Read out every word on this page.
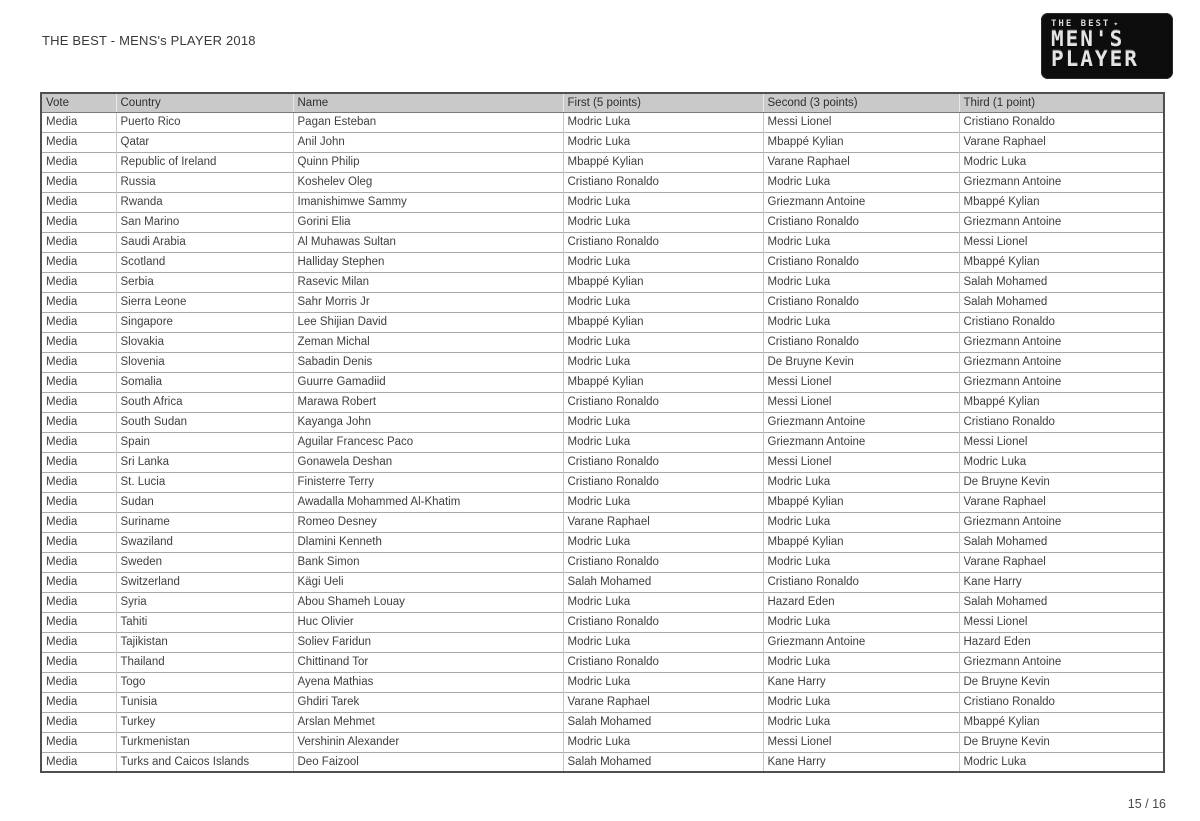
THE BEST - MENS's PLAYER 2018
THE BEST ✦
MEN'S
PLAYER
Vote	Country	Name	First (5 points)	Second (3 points)	Third (1 point)
Media	Puerto Rico	Pagan Esteban	Modric Luka	Messi Lionel	Cristiano Ronaldo
Media	Qatar	Anil John	Modric Luka	Mbappé Kylian	Varane Raphael
Media	Republic of Ireland	Quinn Philip	Mbappé Kylian	Varane Raphael	Modric Luka
Media	Russia	Koshelev Oleg	Cristiano Ronaldo	Modric Luka	Griezmann Antoine
Media	Rwanda	Imanishimwe Sammy	Modric Luka	Griezmann Antoine	Mbappé Kylian
Media	San Marino	Gorini Elia	Modric Luka	Cristiano Ronaldo	Griezmann Antoine
Media	Saudi Arabia	Al Muhawas Sultan	Cristiano Ronaldo	Modric Luka	Messi Lionel
Media	Scotland	Halliday Stephen	Modric Luka	Cristiano Ronaldo	Mbappé Kylian
Media	Serbia	Rasevic Milan	Mbappé Kylian	Modric Luka	Salah Mohamed
Media	Sierra Leone	Sahr Morris Jr	Modric Luka	Cristiano Ronaldo	Salah Mohamed
Media	Singapore	Lee Shijian David	Mbappé Kylian	Modric Luka	Cristiano Ronaldo
Media	Slovakia	Zeman Michal	Modric Luka	Cristiano Ronaldo	Griezmann Antoine
Media	Slovenia	Sabadin Denis	Modric Luka	De Bruyne Kevin	Griezmann Antoine
Media	Somalia	Guurre Gamadiid	Mbappé Kylian	Messi Lionel	Griezmann Antoine
Media	South Africa	Marawa Robert	Cristiano Ronaldo	Messi Lionel	Mbappé Kylian
Media	South Sudan	Kayanga John	Modric Luka	Griezmann Antoine	Cristiano Ronaldo
Media	Spain	Aguilar Francesc Paco	Modric Luka	Griezmann Antoine	Messi Lionel
Media	Sri Lanka	Gonawela Deshan	Cristiano Ronaldo	Messi Lionel	Modric Luka
Media	St. Lucia	Finisterre Terry	Cristiano Ronaldo	Modric Luka	De Bruyne Kevin
Media	Sudan	Awadalla Mohammed Al-Khatim	Modric Luka	Mbappé Kylian	Varane Raphael
Media	Suriname	Romeo Desney	Varane Raphael	Modric Luka	Griezmann Antoine
Media	Swaziland	Dlamini Kenneth	Modric Luka	Mbappé Kylian	Salah Mohamed
Media	Sweden	Bank Simon	Cristiano Ronaldo	Modric Luka	Varane Raphael
Media	Switzerland	Kägi Ueli	Salah Mohamed	Cristiano Ronaldo	Kane Harry
Media	Syria	Abou Shameh Louay	Modric Luka	Hazard Eden	Salah Mohamed
Media	Tahiti	Huc Olivier	Cristiano Ronaldo	Modric Luka	Messi Lionel
Media	Tajikistan	Soliev Faridun	Modric Luka	Griezmann Antoine	Hazard Eden
Media	Thailand	Chittinand Tor	Cristiano Ronaldo	Modric Luka	Griezmann Antoine
Media	Togo	Ayena Mathias	Modric Luka	Kane Harry	De Bruyne Kevin
Media	Tunisia	Ghdiri Tarek	Varane Raphael	Modric Luka	Cristiano Ronaldo
Media	Turkey	Arslan Mehmet	Salah Mohamed	Modric Luka	Mbappé Kylian
Media	Turkmenistan	Vershinin Alexander	Modric Luka	Messi Lionel	De Bruyne Kevin
Media	Turks and Caicos Islands	Deo Faizool	Salah Mohamed	Kane Harry	Modric Luka
15 / 16
